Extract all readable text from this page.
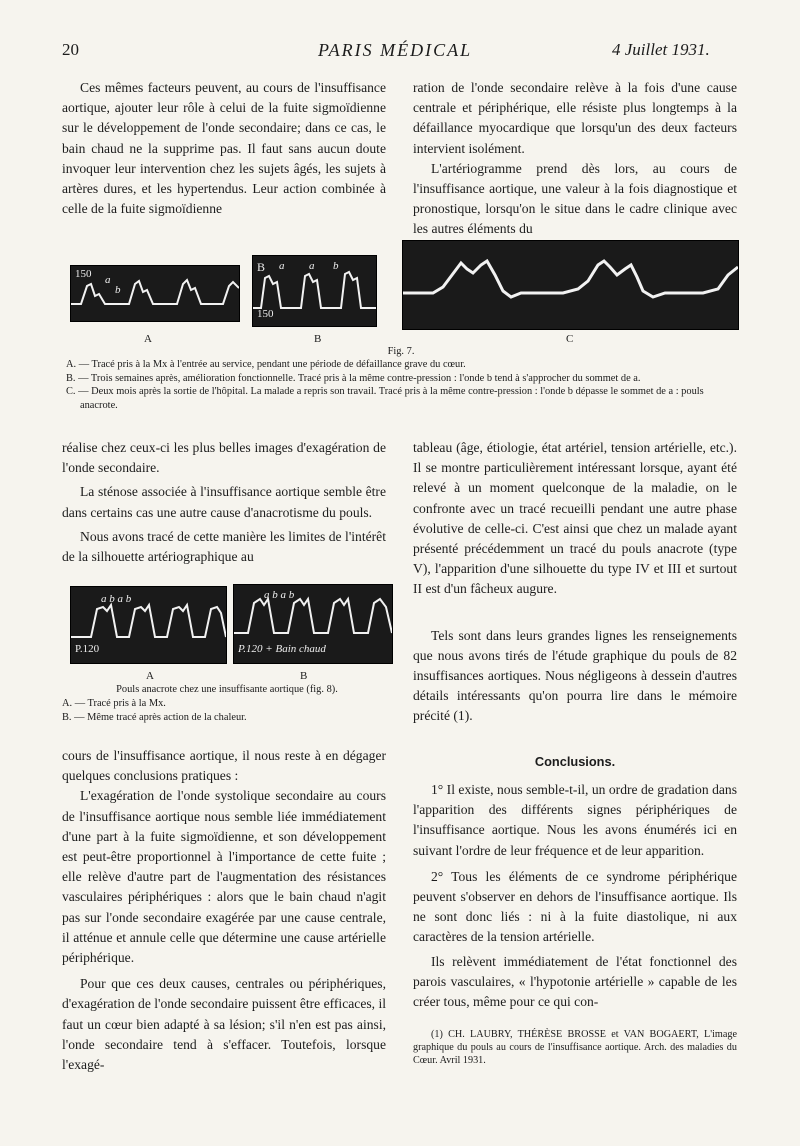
20	PARIS MÉDICAL	4 Juillet 1931.

Ces mêmes facteurs peuvent, au cours de l'insuffisance aortique, ajouter leur rôle à celui de la fuite sigmoïdienne sur le développement de l'onde secondaire; dans ce cas, le bain chaud ne la supprime pas. Il faut sans aucun doute invoquer leur intervention chez les sujets âgés, les sujets à artères dures, et les hypertendus. Leur action combinée à celle de la fuite sigmoïdienne

ration de l'onde secondaire relève à la fois d'une cause centrale et périphérique, elle résiste plus longtemps à la défaillance myocardique que lorsqu'un des deux facteurs intervient isolément.

L'artériogramme prend dès lors, au cours de l'insuffisance aortique, une valeur à la fois diagnostique et pronostique, lorsqu'on le situe dans le cadre clinique avec les autres éléments du

150 a
b
B a a b
150
A	B	C
Fig. 7.
A. — Tracé pris à la Mx à l'entrée au service, pendant une période de défaillance grave du cœur.
B. — Trois semaines après, amélioration fonctionnelle. Tracé pris à la même contre-pression : l'onde b tend à s'approcher du sommet de a.
C. — Deux mois après la sortie de l'hôpital. La malade a repris son travail. Tracé pris à la même contre-pression : l'onde b dépasse le sommet de a : pouls anacrote.

réalise chez ceux-ci les plus belles images d'exagération de l'onde secondaire.

La sténose associée à l'insuffisance aortique semble être dans certains cas une autre cause d'anacrotisme du pouls.

Nous avons tracé de cette manière les limites de l'intérêt de la silhouette artériographique au

a b a b
P.120
a b a b
P.120 + Bain chaud
A	B
Pouls anacrote chez une insuffisante aortique (fig. 8).
A. — Tracé pris à la Mx.
B. — Même tracé après action de la chaleur.

cours de l'insuffisance aortique, il nous reste à en dégager quelques conclusions pratiques :

L'exagération de l'onde systolique secondaire au cours de l'insuffisance aortique nous semble liée immédiatement d'une part à la fuite sigmoïdienne, et son développement est peut-être proportionnel à l'importance de cette fuite ; elle relève d'autre part de l'augmentation des résistances vasculaires périphériques : alors que le bain chaud n'agit pas sur l'onde secondaire exagérée par une cause centrale, il atténue et annule celle que détermine une cause artérielle périphérique.

Pour que ces deux causes, centrales ou périphériques, d'exagération de l'onde secondaire puissent être efficaces, il faut un cœur bien adapté à sa lésion; s'il n'en est pas ainsi, l'onde secondaire tend à s'effacer. Toutefois, lorsque l'exagé-

tableau (âge, étiologie, état artériel, tension artérielle, etc.). Il se montre particulièrement intéressant lorsque, ayant été relevé à un moment quelconque de la maladie, on le confronte avec un tracé recueilli pendant une autre phase évolutive de celle-ci. C'est ainsi que chez un malade ayant présenté précédemment un tracé du pouls anacrote (type V), l'apparition d'une silhouette du type IV et III et surtout II est d'un fâcheux augure.

Tels sont dans leurs grandes lignes les renseignements que nous avons tirés de l'étude graphique du pouls de 82 insuffisances aortiques. Nous négligeons à dessein d'autres détails intéressants qu'on pourra lire dans le mémoire précité (1).

Conclusions.

1° Il existe, nous semble-t-il, un ordre de gradation dans l'apparition des différents signes périphériques de l'insuffisance aortique. Nous les avons énumérés ici en suivant l'ordre de leur fréquence et de leur apparition.

2° Tous les éléments de ce syndrome périphérique peuvent s'observer en dehors de l'insuffisance aortique. Ils ne sont donc liés : ni à la fuite diastolique, ni aux caractères de la tension artérielle.

Ils relèvent immédiatement de l'état fonctionnel des parois vasculaires, « l'hypotonie artérielle » capable de les créer tous, même pour ce qui con-

(1) CH. LAUBRY, THÉRÈSE BROSSE et VAN BOGAERT, L'image graphique du pouls au cours de l'insuffisance aortique. Arch. des maladies du Cœur. Avril 1931.
